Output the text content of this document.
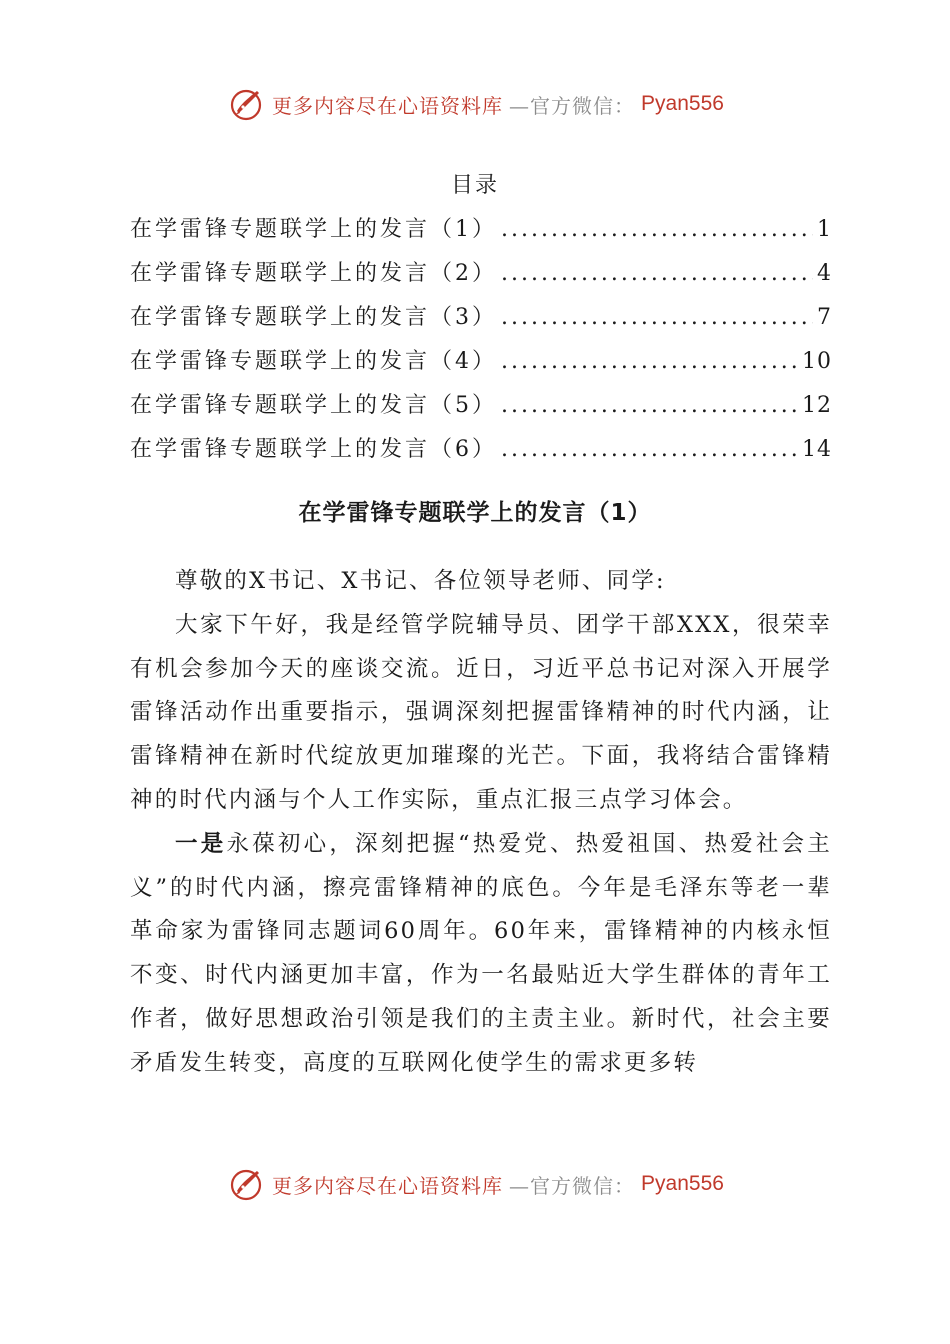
更多内容尽在心语资料库 —官方微信： Pyan556
目录
在学雷锋专题联学上的发言（1） .....	1
在学雷锋专题联学上的发言（2） .....	4
在学雷锋专题联学上的发言（3） .....	7
在学雷锋专题联学上的发言（4） .....	10
在学雷锋专题联学上的发言（5） .....	12
在学雷锋专题联学上的发言（6） .....	14
在学雷锋专题联学上的发言（1）

尊敬的X书记、X书记、各位领导老师、同学:

大家下午好，我是经管学院辅导员、团学干部XXX，很荣幸有机会参加今天的座谈交流。近日，习近平总书记对深入开展学雷锋活动作出重要指示，强调深刻把握雷锋精神的时代内涵，让雷锋精神在新时代绽放更加璀璨的光芒。下面，我将结合雷锋精神的时代内涵与个人工作实际，重点汇报三点学习体会。

一是永葆初心，深刻把握“热爱党、热爱祖国、热爱社会主义”的时代内涵，擦亮雷锋精神的底色。今年是毛泽东等老一辈革命家为雷锋同志题词60周年。60年来，雷锋精神的内核永恒不变、时代内涵更加丰富，作为一名最贴近大学生群体的青年工作者，做好思想政治引领是我们的主责主业。新时代，社会主要矛盾发生转变，高度的互联网化使学生的需求更多转

更多内容尽在心语资料库 —官方微信： Pyan556
